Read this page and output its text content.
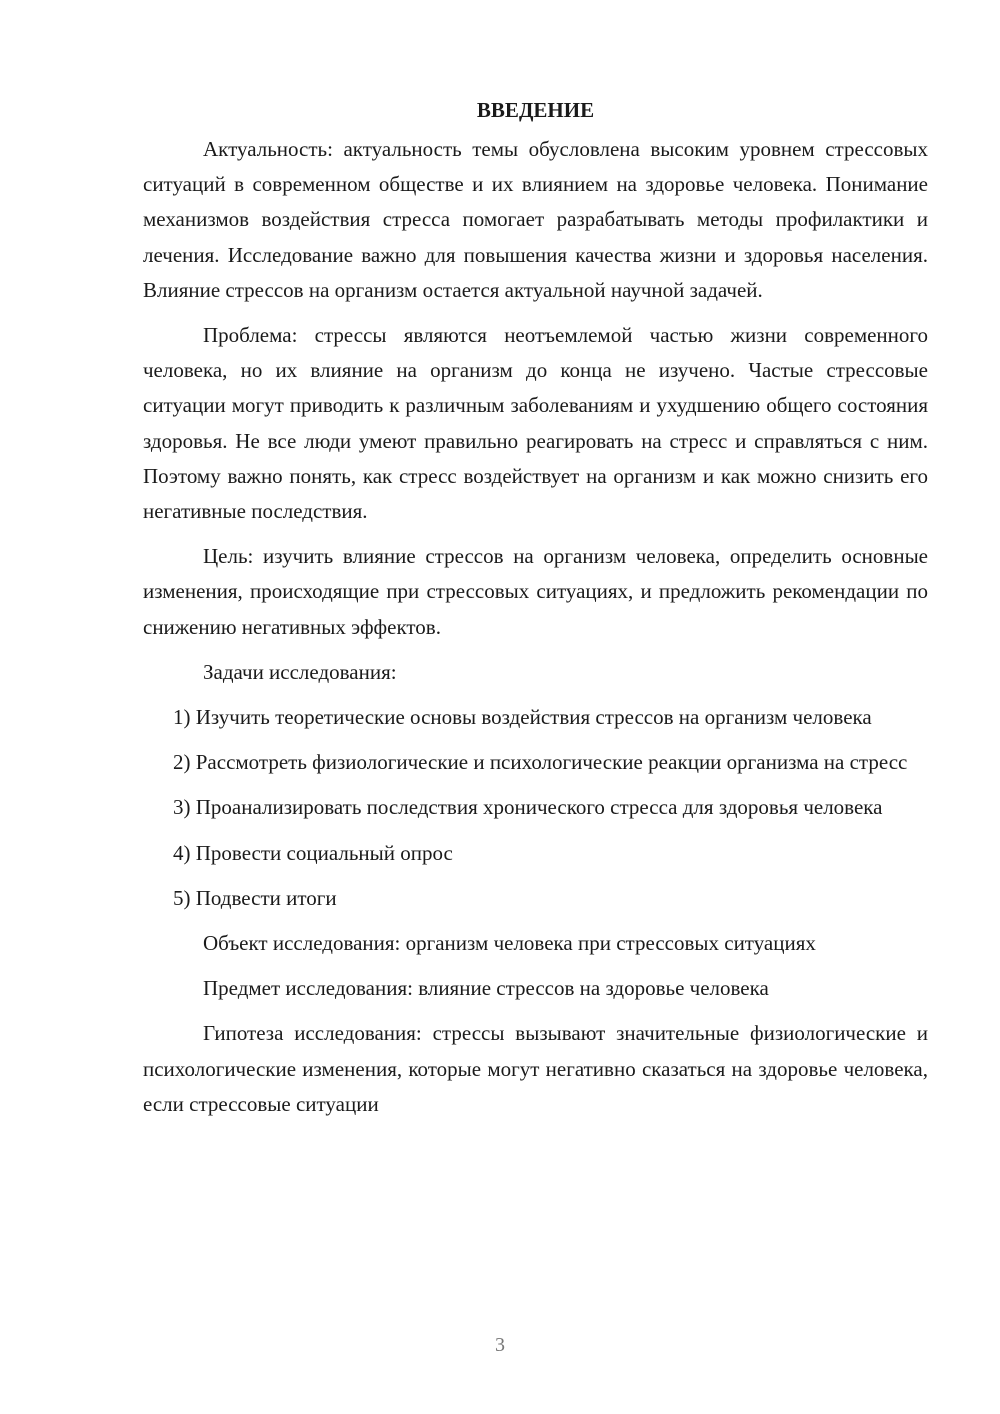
ВВЕДЕНИЕ

Актуальность: актуальность темы обусловлена высоким уровнем стрессовых ситуаций в современном обществе и их влиянием на здоровье человека. Понимание механизмов воздействия стресса помогает разрабатывать методы профилактики и лечения. Исследование важно для повышения качества жизни и здоровья населения. Влияние стрессов на организм остается актуальной научной задачей.

Проблема: стрессы являются неотъемлемой частью жизни современного человека, но их влияние на организм до конца не изучено. Частые стрессовые ситуации могут приводить к различным заболеваниям и ухудшению общего состояния здоровья. Не все люди умеют правильно реагировать на стресс и справляться с ним. Поэтому важно понять, как стресс воздействует на организм и как можно снизить его негативные последствия.

Цель: изучить влияние стрессов на организм человека, определить основные изменения, происходящие при стрессовых ситуациях, и предложить рекомендации по снижению негативных эффектов.

Задачи исследования:

1) Изучить теоретические основы воздействия стрессов на организм человека

2) Рассмотреть физиологические и психологические реакции организма на стресс

3) Проанализировать последствия хронического стресса для здоровья человека

4) Провести социальный опрос

5) Подвести итоги

Объект исследования: организм человека при стрессовых ситуациях

Предмет исследования: влияние стрессов на здоровье человека

Гипотеза исследования: стрессы вызывают значительные физиологические и психологические изменения, которые могут негативно сказаться на здоровье человека, если стрессовые ситуации

3
